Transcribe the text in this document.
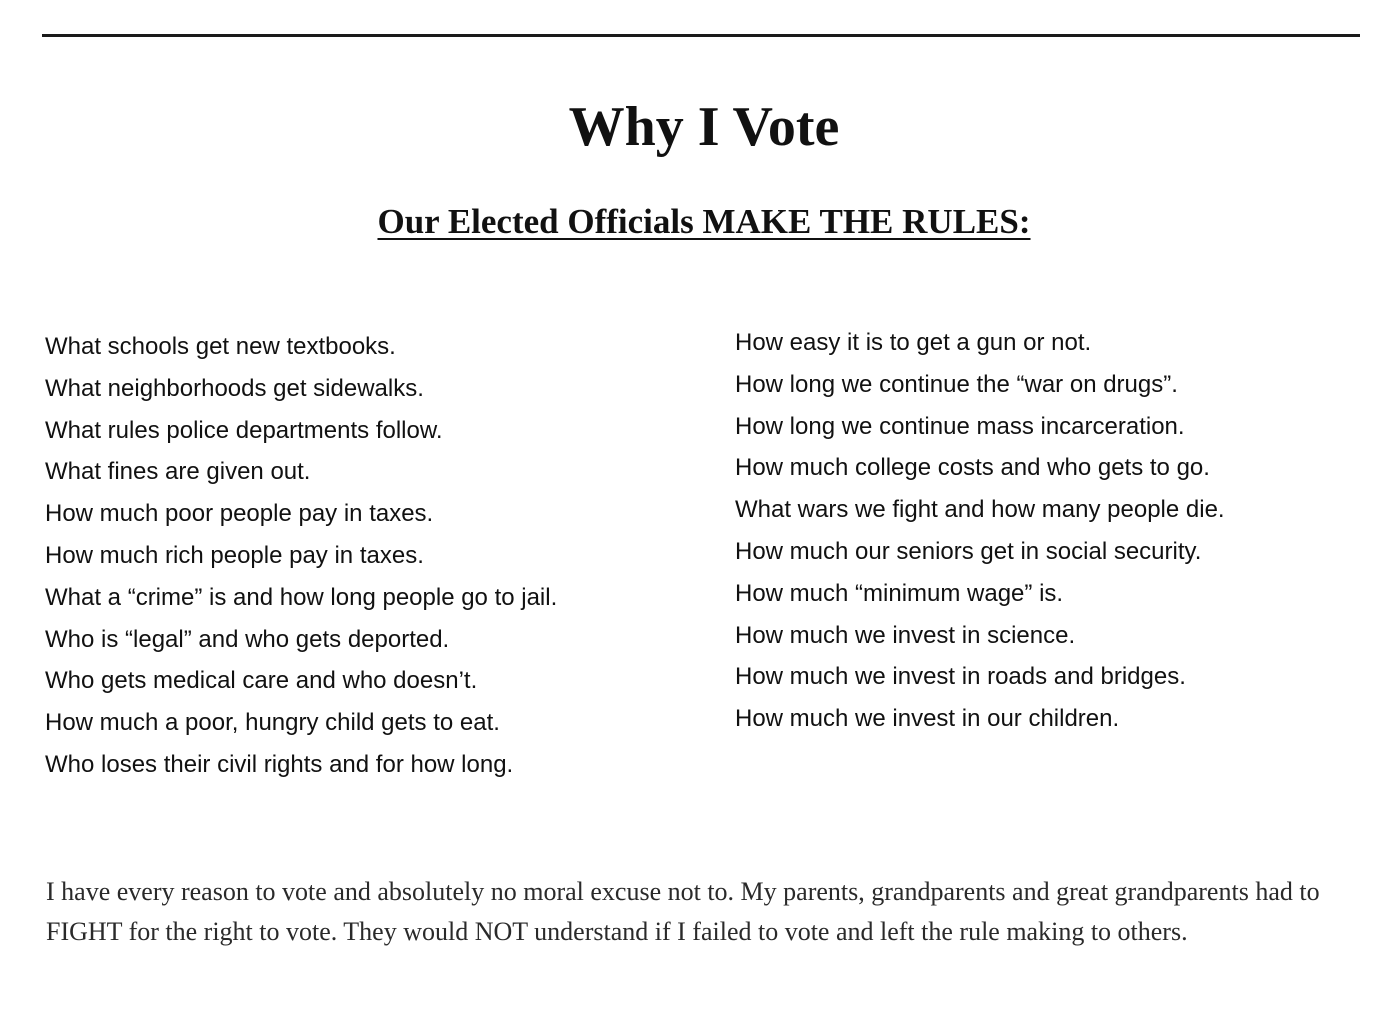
Why I Vote
Our Elected Officials MAKE THE RULES:
What schools get new textbooks.
What neighborhoods get sidewalks.
What rules police departments follow.
What fines are given out.
How much poor people pay in taxes.
How much rich people pay in taxes.
What a “crime” is and how long people go to jail.
Who is “legal” and who gets deported.
Who gets medical care and who doesn’t.
How much a poor, hungry child gets to eat.
Who loses their civil rights and for how long.
How easy it is to get a gun or not.
How long we continue the “war on drugs”.
How long we continue mass incarceration.
How much college costs and who gets to go.
What wars we fight and how many people die.
How much our seniors get in social security.
How much “minimum wage” is.
How much we invest in science.
How much we invest in roads and bridges.
How much we invest in our children.

I have every reason to vote and absolutely no moral excuse not to. My parents, grandparents and great grandparents had to FIGHT for the right to vote. They would NOT understand if I failed to vote and left the rule making to others.
